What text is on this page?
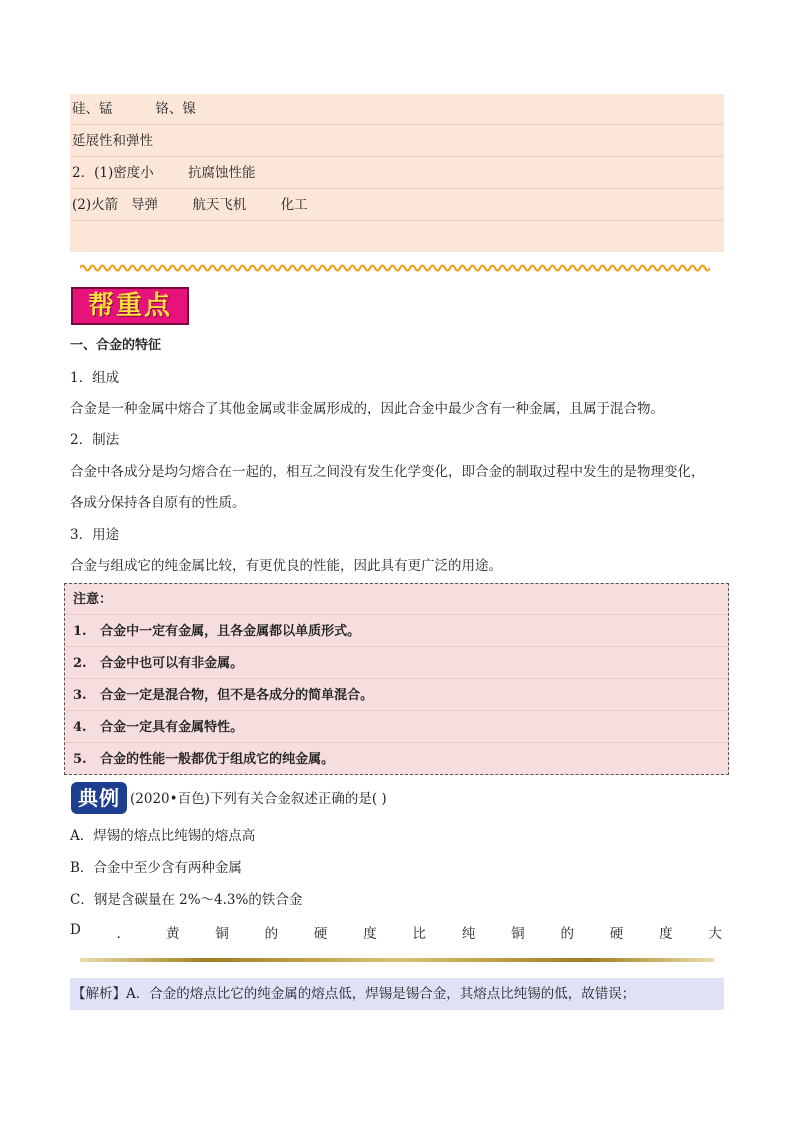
硅、锰          铬、镍
延展性和弹性
2．(1)密度小        抗腐蚀性能
(2)火箭   导弹        航天飞机        化工
帮重点
一、合金的特征
1．组成
合金是一种金属中熔合了其他金属或非金属形成的，因此合金中最少含有一种金属，且属于混合物。
2．制法
合金中各成分是均匀熔合在一起的，相互之间没有发生化学变化，即合金的制取过程中发生的是物理变化，
各成分保持各自原有的性质。
3．用途
合金与组成它的纯金属比较，有更优良的性能，因此具有更广泛的用途。
注意：
1.   合金中一定有金属，且各金属都以单质形式。
2.   合金中也可以有非金属。
3.   合金一定是混合物，但不是各成分的简单混合。
4.   合金一定具有金属特性。
5.   合金的性能一般都优于组成它的纯金属。
典例 (2020•百色)下列有关合金叙述正确的是( )
A．焊锡的熔点比纯锡的熔点高
B．合金中至少含有两种金属
C．钢是含碳量在 2%～4.3%的铁合金
D	．	黄	铜	的	硬	度	比	纯	铜	的	硬	度	大
【解析】A．合金的熔点比它的纯金属的熔点低，焊锡是锡合金，其熔点比纯锡的低，故错误；
